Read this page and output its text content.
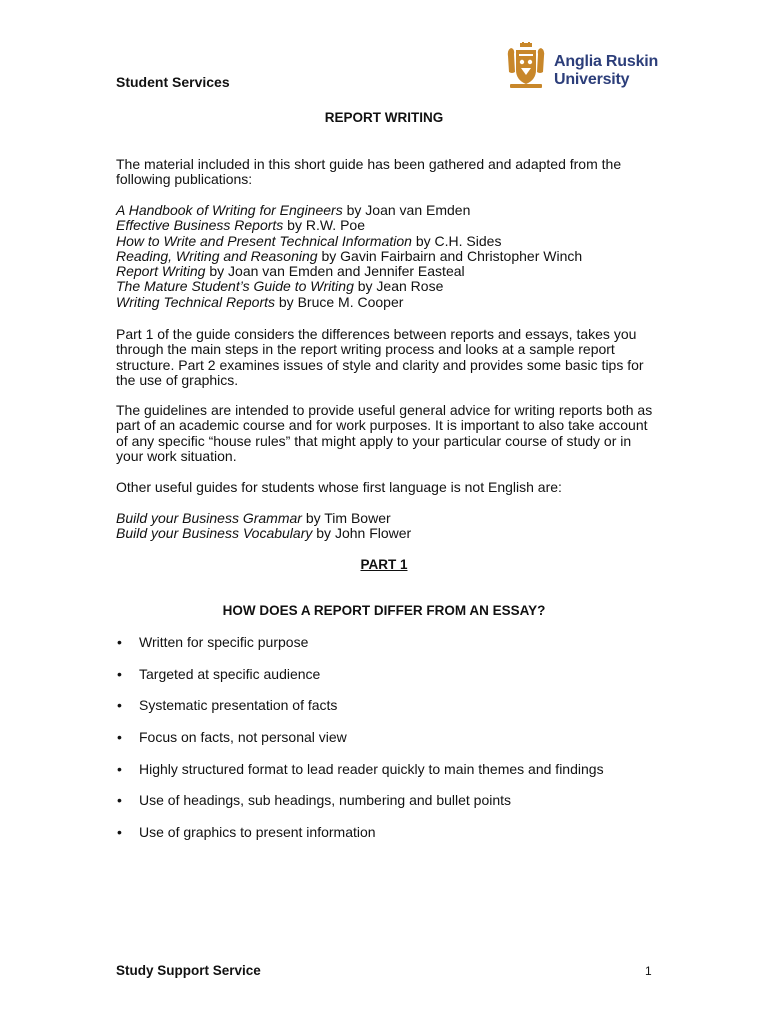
Student Services
Anglia Ruskin
University
REPORT WRITING
The material included in this short guide has been gathered and adapted from the following publications:
A Handbook of Writing for Engineers by Joan van Emden
Effective Business Reports by R.W. Poe
How to Write and Present Technical Information by C.H. Sides
Reading, Writing and Reasoning by Gavin Fairbairn and Christopher Winch
Report Writing by Joan van Emden and Jennifer Easteal
The Mature Student’s Guide to Writing by Jean Rose
Writing Technical Reports by Bruce M. Cooper
Part 1 of the guide considers the differences between reports and essays, takes you through the main steps in the report writing process and looks at a sample report structure. Part 2 examines issues of style and clarity and provides some basic tips for the use of graphics.
The guidelines are intended to provide useful general advice for writing reports both as part of an academic course and for work purposes. It is important to also take account of any specific “house rules” that might apply to your particular course of study or in your work situation.
Other useful guides for students whose first language is not English are:
Build your Business Grammar by Tim Bower
Build your Business Vocabulary by John Flower
PART 1
HOW DOES A REPORT DIFFER FROM AN ESSAY?
• Written for specific purpose
• Targeted at specific audience
• Systematic presentation of facts
• Focus on facts, not personal view
• Highly structured format to lead reader quickly to main themes and findings
• Use of headings, sub headings, numbering and bullet points
• Use of graphics to present information
Study Support Service	1
